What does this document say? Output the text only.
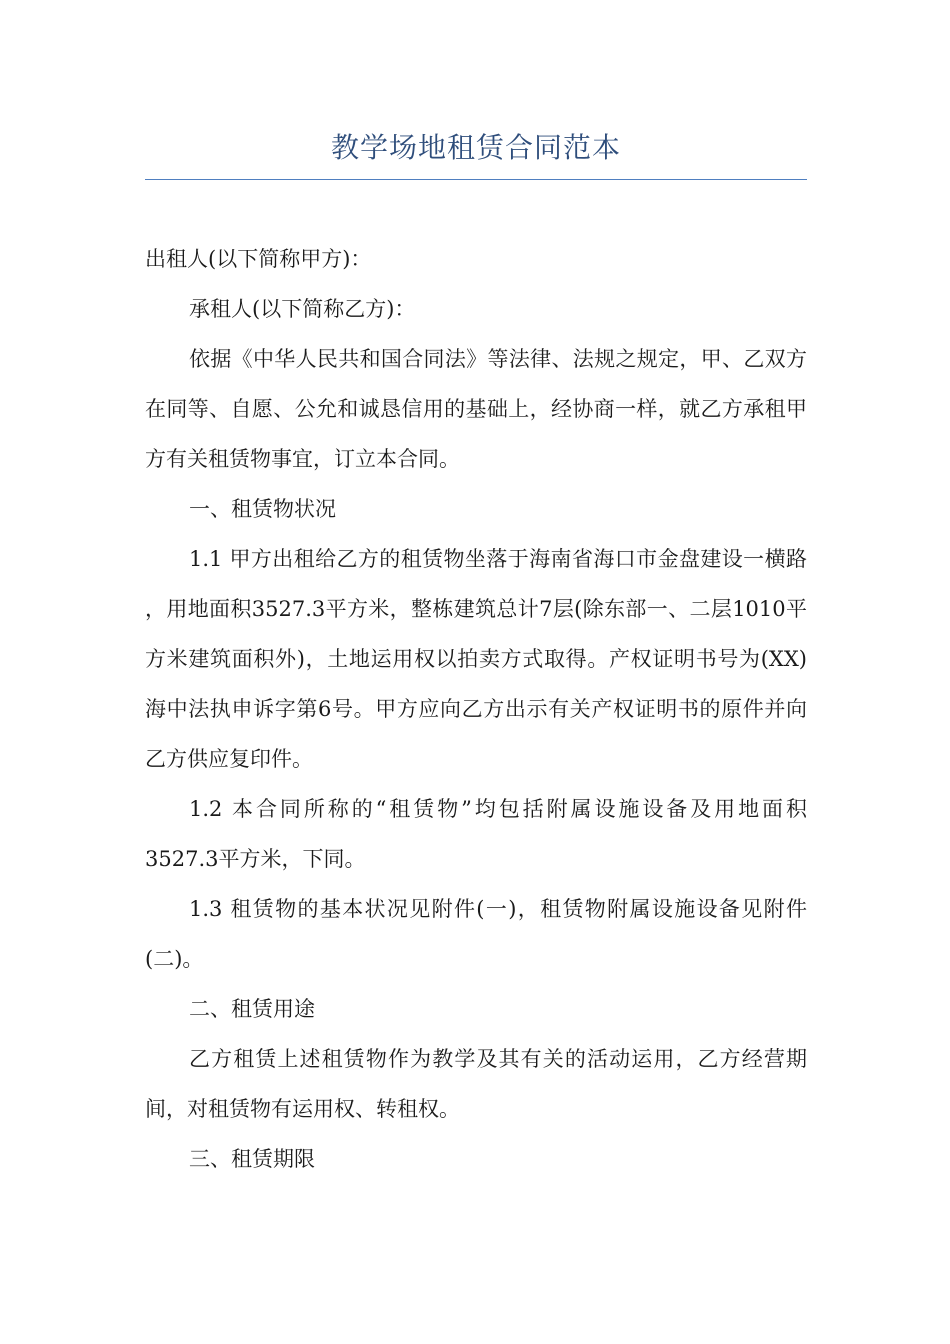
教学场地租赁合同范本

出租人(以下简称甲方)：

承租人(以下简称乙方)：

依据《中华人民共和国合同法》等法律、法规之规定，甲、乙双方在同等、自愿、公允和诚恳信用的基础上，经协商一样，就乙方承租甲方有关租赁物事宜，订立本合同。

一、租赁物状况

1.1 甲方出租给乙方的租赁物坐落于海南省海口市金盘建设一横路 ，用地面积3527.3平方米，整栋建筑总计7层(除东部一、二层1010平方米建筑面积外)，土地运用权以拍卖方式取得。产权证明书号为(XX)海中法执申诉字第6号。甲方应向乙方出示有关产权证明书的原件并向乙方供应复印件。

1.2 本合同所称的“租赁物”均包括附属设施设备及用地面积3527.3平方米，下同。

1.3 租赁物的基本状况见附件(一)，租赁物附属设施设备见附件(二)。

二、租赁用途

乙方租赁上述租赁物作为教学及其有关的活动运用，乙方经营期间，对租赁物有运用权、转租权。

三、租赁期限
